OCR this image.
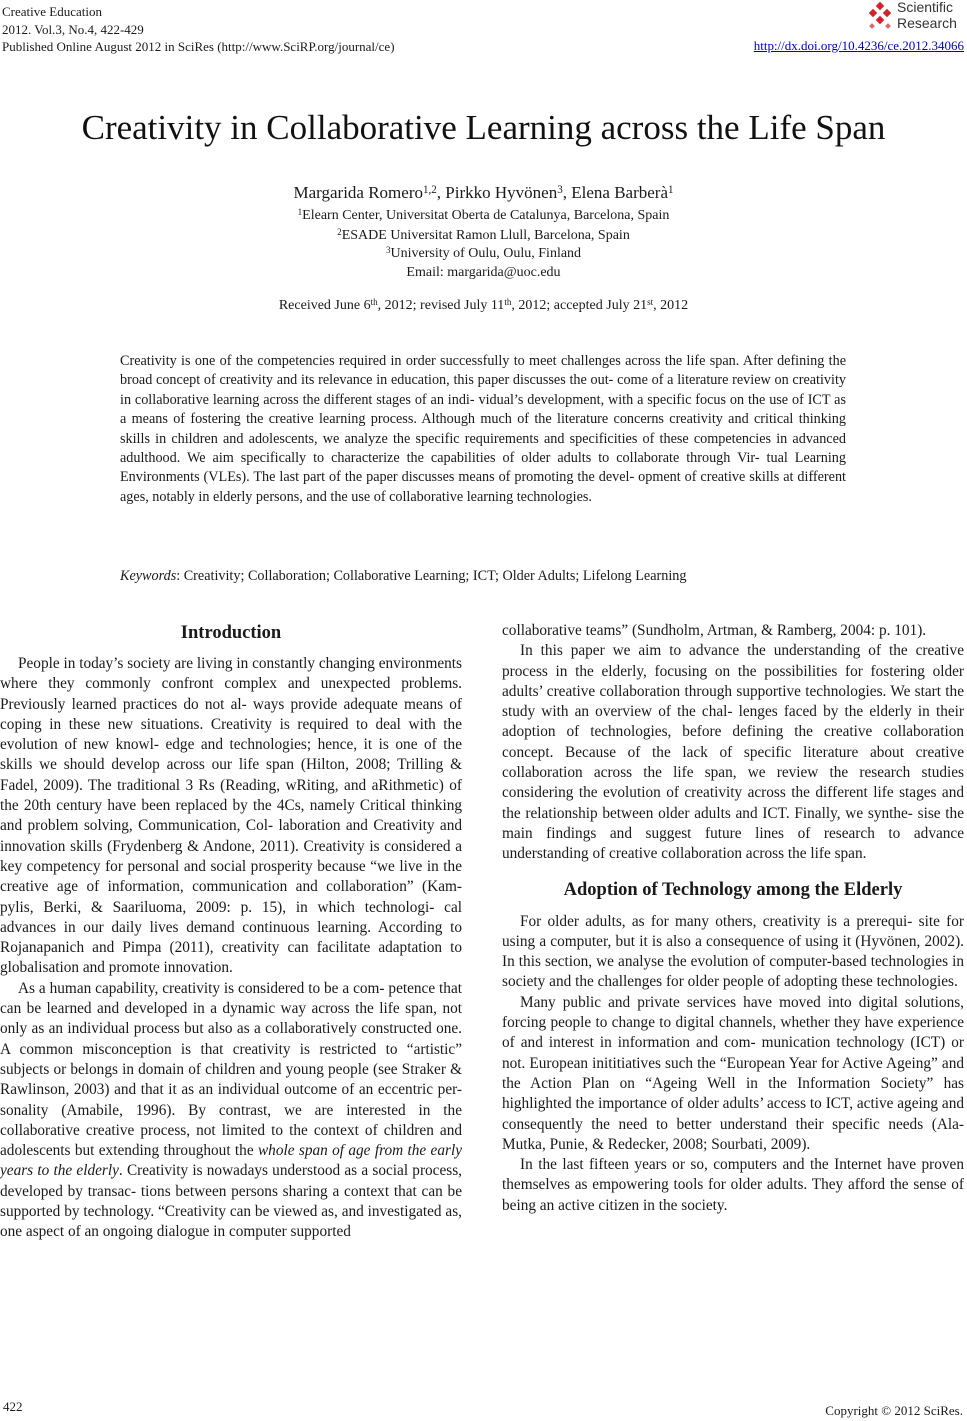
Creative Education
2012. Vol.3, No.4, 422-429
Published Online August 2012 in SciRes (http://www.SciRP.org/journal/ce)	http://dx.doi.org/10.4236/ce.2012.34066
Scientific
Research
Creativity in Collaborative Learning across the Life Span
Margarida Romero$^{1,2}$, Pirkko Hyvönen$^3$, Elena Barberà$^1$
$^1$Elearn Center, Universitat Oberta de Catalunya, Barcelona, Spain
$^2$ESADE Universitat Ramon Llull, Barcelona, Spain
$^3$University of Oulu, Oulu, Finland
Email: margarida@uoc.edu
Received June 6th, 2012; revised July 11th, 2012; accepted July 21st, 2012
Creativity is one of the competencies required in order successfully to meet challenges across the life span. After defining the broad concept of creativity and its relevance in education, this paper discusses the out- come of a literature review on creativity in collaborative learning across the different stages of an indi- vidual’s development, with a specific focus on the use of ICT as a means of fostering the creative learning process. Although much of the literature concerns creativity and critical thinking skills in children and adolescents, we analyze the specific requirements and specificities of these competencies in advanced adulthood. We aim specifically to characterize the capabilities of older adults to collaborate through Vir- tual Learning Environments (VLEs). The last part of the paper discusses means of promoting the devel- opment of creative skills at different ages, notably in elderly persons, and the use of collaborative learning technologies.
Keywords: Creativity; Collaboration; Collaborative Learning; ICT; Older Adults; Lifelong Learning
Introduction

People in today’s society are living in constantly changing environments where they commonly confront complex and unexpected problems. Previously learned practices do not al- ways provide adequate means of coping in these new situations. Creativity is required to deal with the evolution of new knowl- edge and technologies; hence, it is one of the skills we should develop across our life span (Hilton, 2008; Trilling & Fadel, 2009). The traditional 3 Rs (Reading, wRiting, and aRithmetic) of the 20th century have been replaced by the 4Cs, namely Critical thinking and problem solving, Communication, Col- laboration and Creativity and innovation skills (Frydenberg & Andone, 2011). Creativity is considered a key competency for personal and social prosperity because “we live in the creative age of information, communication and collaboration” (Kam- pylis, Berki, & Saariluoma, 2009: p. 15), in which technologi- cal advances in our daily lives demand continuous learning. According to Rojanapanich and Pimpa (2011), creativity can facilitate adaptation to globalisation and promote innovation.

As a human capability, creativity is considered to be a com- petence that can be learned and developed in a dynamic way across the life span, not only as an individual process but also as a collaboratively constructed one. A common misconception is that creativity is restricted to “artistic” subjects or belongs in domain of children and young people (see Straker & Rawlinson, 2003) and that it as an individual outcome of an eccentric per- sonality (Amabile, 1996). By contrast, we are interested in the collaborative creative process, not limited to the context of children and adolescents but extending throughout the whole span of age from the early years to the elderly. Creativity is nowadays understood as a social process, developed by transac- tions between persons sharing a context that can be supported by technology. “Creativity can be viewed as, and investigated as, one aspect of an ongoing dialogue in computer supported

collaborative teams” (Sundholm, Artman, & Ramberg, 2004: p. 101).

In this paper we aim to advance the understanding of the creative process in the elderly, focusing on the possibilities for fostering older adults’ creative collaboration through supportive technologies. We start the study with an overview of the chal- lenges faced by the elderly in their adoption of technologies, before defining the creative collaboration concept. Because of the lack of specific literature about creative collaboration across the life span, we review the research studies considering the evolution of creativity across the different life stages and the relationship between older adults and ICT. Finally, we synthe- sise the main findings and suggest future lines of research to advance understanding of creative collaboration across the life span.

Adoption of Technology among the Elderly

For older adults, as for many others, creativity is a prerequi- site for using a computer, but it is also a consequence of using it (Hyvönen, 2002). In this section, we analyse the evolution of computer-based technologies in society and the challenges for older people of adopting these technologies.

Many public and private services have moved into digital solutions, forcing people to change to digital channels, whether they have experience of and interest in information and com- munication technology (ICT) or not. European inititiatives such the “European Year for Active Ageing” and the Action Plan on “Ageing Well in the Information Society” has highlighted the importance of older adults’ access to ICT, active ageing and consequently the need to better understand their specific needs (Ala-Mutka, Punie, & Redecker, 2008; Sourbati, 2009).

In the last fifteen years or so, computers and the Internet have proven themselves as empowering tools for older adults. They afford the sense of being an active citizen in the society.

422	Copyright © 2012 SciRes.
